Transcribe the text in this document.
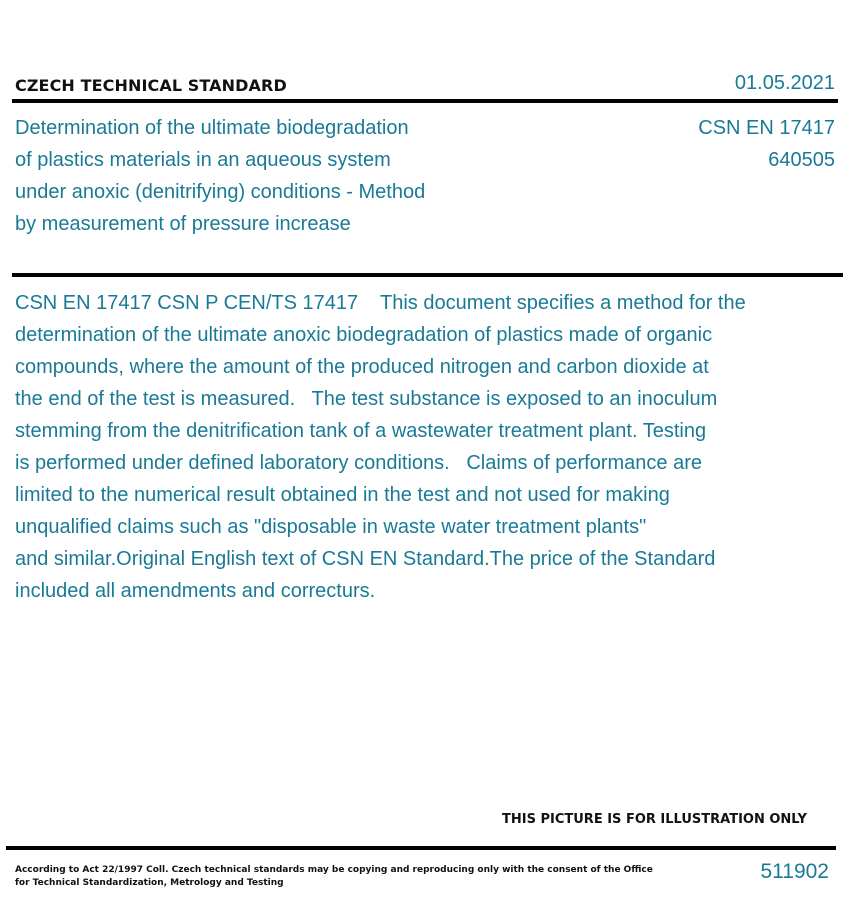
CZECH TECHNICAL STANDARD	01.05.2021
Determination of the ultimate biodegradation
of plastics materials in an aqueous system
under anoxic (denitrifying) conditions - Method
by measurement of pressure increase
CSN EN 17417
640505
CSN EN 17417 CSN P CEN/TS 17417    This document specifies a method for the
determination of the ultimate anoxic biodegradation of plastics made of organic
compounds, where the amount of the produced nitrogen and carbon dioxide at
the end of the test is measured.   The test substance is exposed to an inoculum
stemming from the denitrification tank of a wastewater treatment plant. Testing
is performed under defined laboratory conditions.   Claims of performance are
limited to the numerical result obtained in the test and not used for making
unqualified claims such as "disposable in waste water treatment plants"
and similar.Original English text of CSN EN Standard.The price of the Standard
included all amendments and correcturs.
THIS PICTURE IS FOR ILLUSTRATION ONLY
According to Act 22/1997 Coll. Czech technical standards may be copying and reproducing only with the consent of the Office
for Technical Standardization, Metrology and Testing	511902
